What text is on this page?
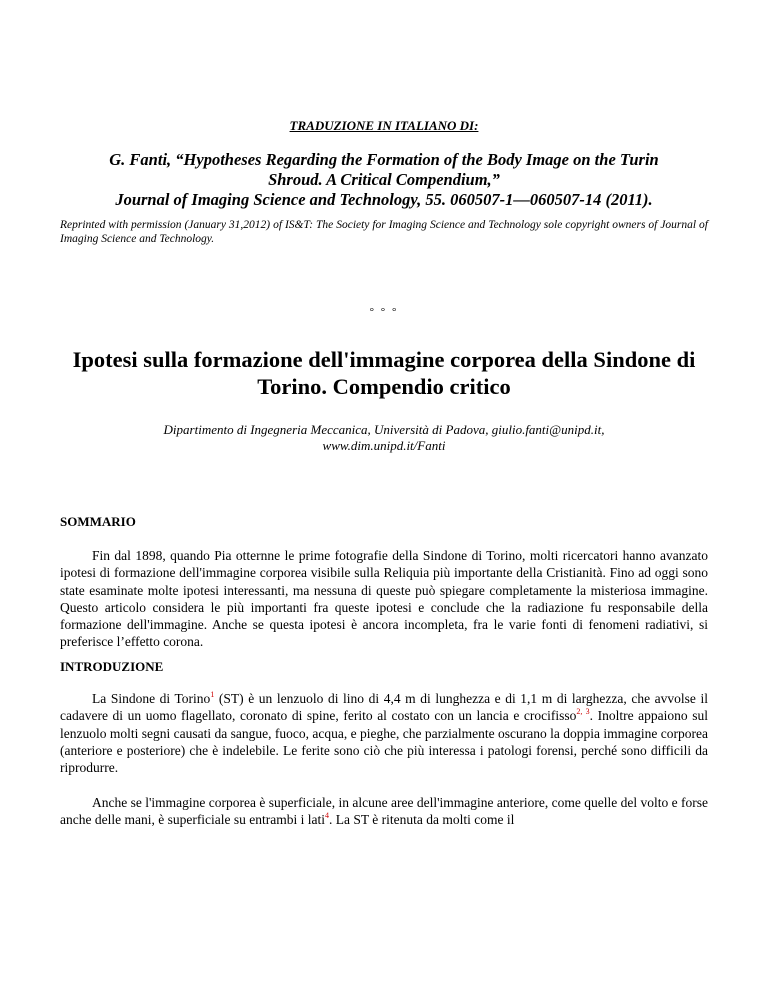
TRADUZIONE IN ITALIANO DI:
G. Fanti, “Hypotheses Regarding the Formation of the Body Image on the Turin
Shroud. A Critical Compendium,”
Journal of Imaging Science and Technology, 55. 060507-1—060507-14 (2011).
Reprinted with permission (January 31,2012) of IS&T: The Society for Imaging Science and Technology sole copyright owners of Journal of Imaging Science and Technology.
° ° °
Ipotesi sulla formazione dell'immagine corporea della Sindone di
Torino. Compendio critico
Dipartimento di Ingegneria Meccanica, Università di Padova, giulio.fanti@unipd.it,
www.dim.unipd.it/Fanti
SOMMARIO
Fin dal 1898, quando Pia otternne le prime fotografie della Sindone di Torino, molti ricercatori hanno avanzato ipotesi di formazione dell'immagine corporea visibile sulla Reliquia più importante della Cristianità. Fino ad oggi sono state esaminate molte ipotesi interessanti, ma nessuna di queste può spiegare completamente la misteriosa immagine. Questo articolo considera le più importanti fra queste ipotesi e conclude che la radiazione fu responsabile della formazione dell'immagine. Anche se questa ipotesi è ancora incompleta, fra le varie fonti di fenomeni radiativi, si preferisce l’effetto corona.
INTRODUZIONE
La Sindone di Torino$^1$ (ST) è un lenzuolo di lino di 4,4 m di lunghezza e di 1,1 m di larghezza, che avvolse il cadavere di un uomo flagellato, coronato di spine, ferito al costato con un lancia e crocifisso$^{2, 3}$. Inoltre appaiono sul lenzuolo molti segni causati da sangue, fuoco, acqua, e pieghe, che parzialmente oscurano la doppia immagine corporea (anteriore e posteriore) che è indelebile. Le ferite sono ciò che più interessa i patologi forensi, perché sono difficili da riprodurre.
Anche se l'immagine corporea è superficiale, in alcune aree dell'immagine anteriore, come quelle del volto e forse anche delle mani, è superficiale su entrambi i lati$^4$. La ST è ritenuta da molti come il
